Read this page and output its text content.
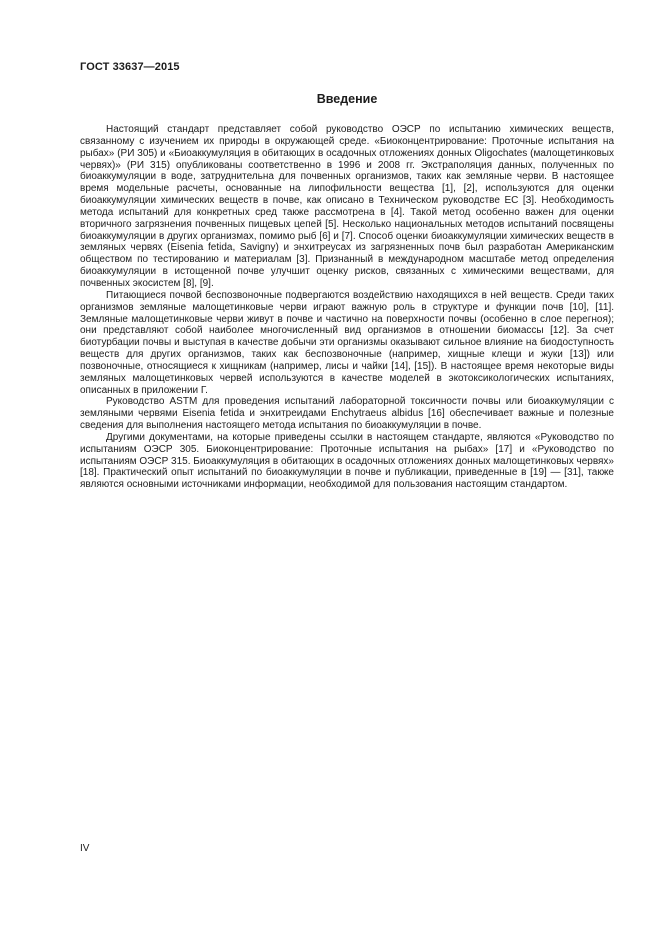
ГОСТ 33637—2015
Введение

Настоящий стандарт представляет собой руководство ОЭСР по испытанию химических веществ, связанному с изучением их природы в окружающей среде. «Биоконцентрирование: Проточные испытания на рыбах» (РИ 305) и «Биоаккумуляция в обитающих в осадочных отложениях донных Oligochates (малощетинковых червях)» (РИ 315) опубликованы соответственно в 1996 и 2008 гг. Экстраполяция данных, полученных по биоаккумуляции в воде, затруднительна для почвенных организмов, таких как земляные черви. В настоящее время модельные расчеты, основанные на липофильности вещества [1], [2], используются для оценки биоаккумуляции химических веществ в почве, как описано в Техническом руководстве ЕС [3]. Необходимость метода испытаний для конкретных сред также рассмотрена в [4]. Такой метод особенно важен для оценки вторичного загрязнения почвенных пищевых цепей [5]. Несколько национальных методов испытаний посвящены биоаккумуляции в других организмах, помимо рыб [6] и [7]. Способ оценки биоаккумуляции химических веществ в земляных червях (Eisenia fetida, Savigny) и энхитреусах из загрязненных почв был разработан Американским обществом по тестированию и материалам [3]. Признанный в международном масштабе метод определения биоаккумуляции в истощенной почве улучшит оценку рисков, связанных с химическими веществами, для почвенных экосистем [8], [9].

Питающиеся почвой беспозвоночные подвергаются воздействию находящихся в ней веществ. Среди таких организмов земляные малощетинковые черви играют важную роль в структуре и функции почв [10], [11]. Земляные малощетинковые черви живут в почве и частично на поверхности почвы (особенно в слое перегноя); они представляют собой наиболее многочисленный вид организмов в отношении биомассы [12]. За счет биотурбации почвы и выступая в качестве добычи эти организмы оказывают сильное влияние на биодоступность веществ для других организмов, таких как беспозвоночные (например, хищные клещи и жуки [13]) или позвоночные, относящиеся к хищникам (например, лисы и чайки [14], [15]). В настоящее время некоторые виды земляных малощетинковых червей используются в качестве моделей в экотоксикологических испытаниях, описанных в приложении Г.

Руководство ASTM для проведения испытаний лабораторной токсичности почвы или биоаккумуляции с земляными червями Eisenia fetida и энхитреидами Enchytraeus albidus [16] обеспечивает важные и полезные сведения для выполнения настоящего метода испытания по биоаккумуляции в почве.

Другими документами, на которые приведены ссылки в настоящем стандарте, являются «Руководство по испытаниям ОЭСР 305. Биоконцентрирование: Проточные испытания на рыбах» [17] и «Руководство по испытаниям ОЭСР 315. Биоаккумуляция в обитающих в осадочных отложениях донных малощетинковых червях» [18]. Практический опыт испытаний по биоаккумуляции в почве и публикации, приведенные в [19] — [31], также являются основными источниками информации, необходимой для пользования настоящим стандартом.

IV
